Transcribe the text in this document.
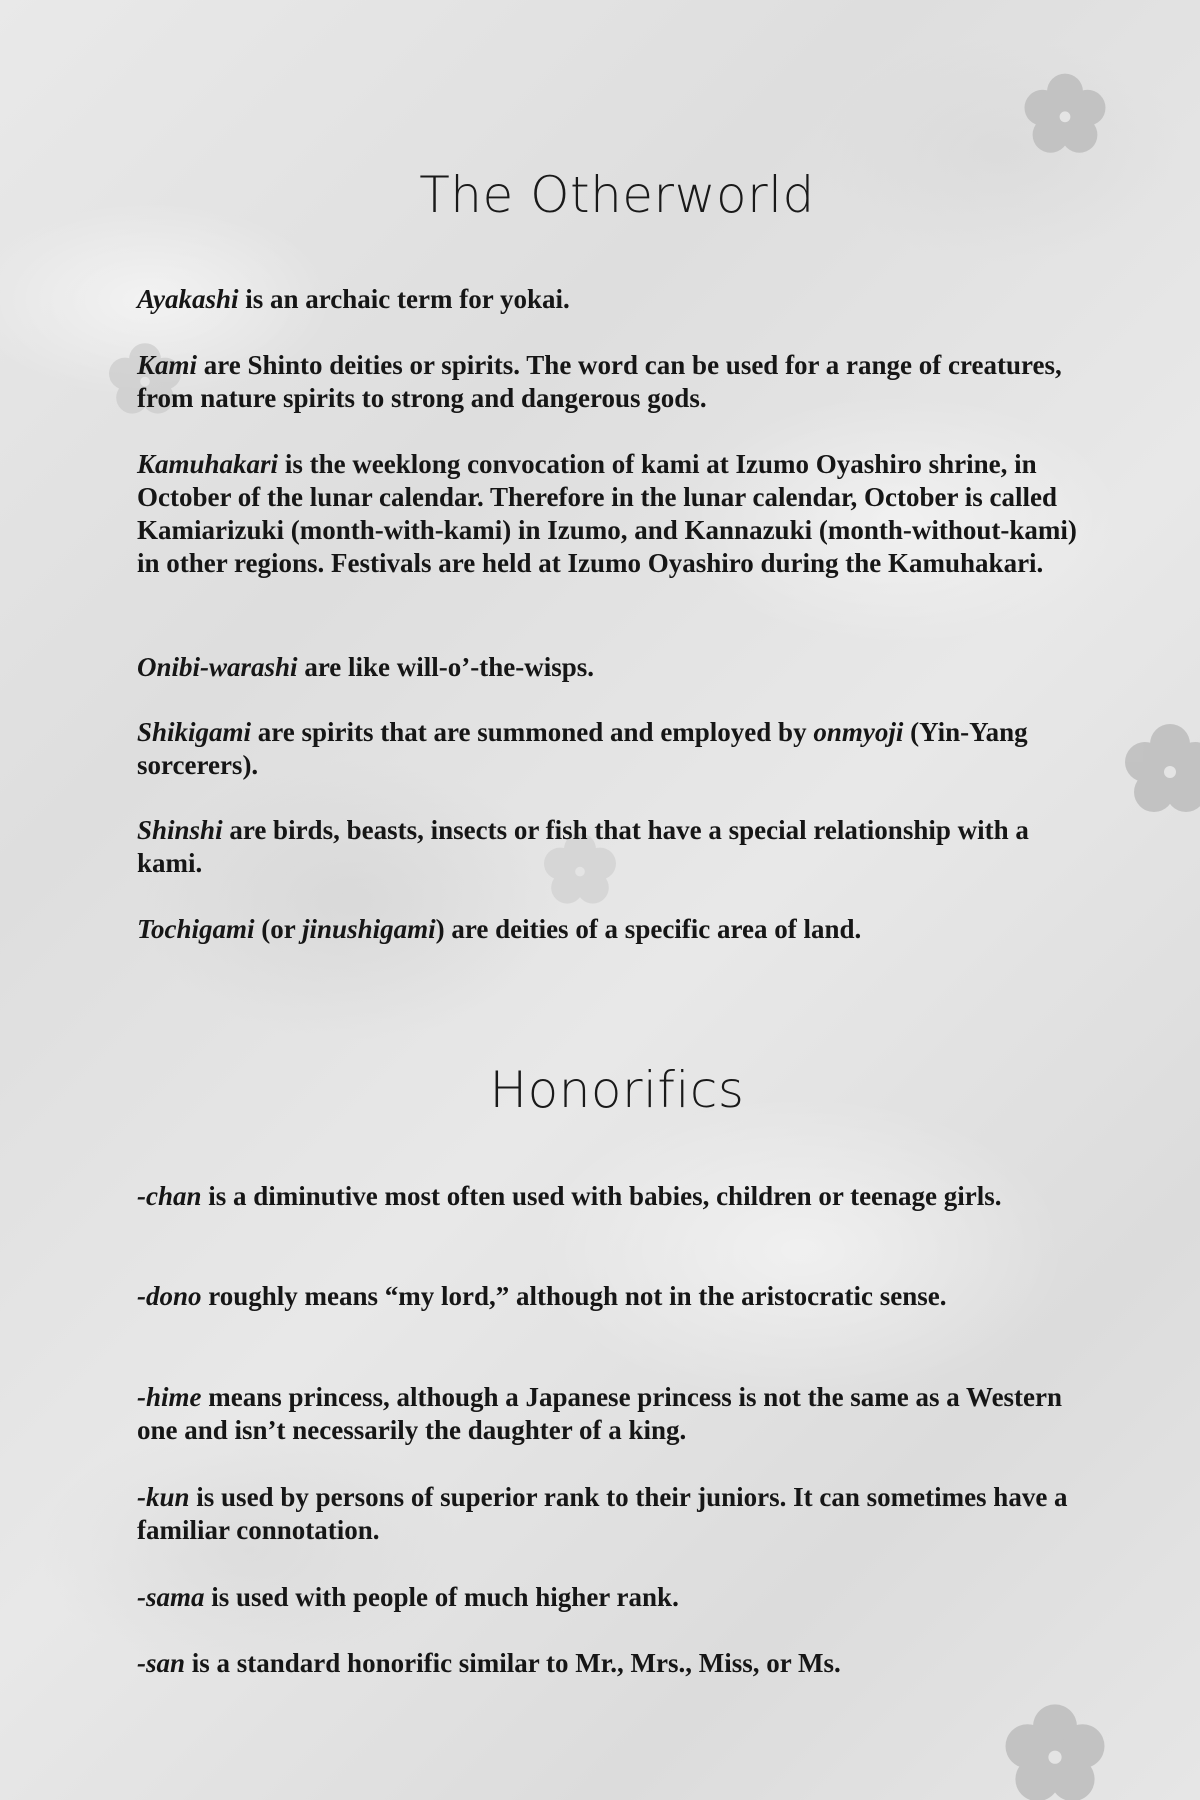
The Otherworld

Ayakashi is an archaic term for yokai.

Kami are Shinto deities or spirits. The word can be used for a range of creatures, from nature spirits to strong and dangerous gods.

Kamuhakari is the weeklong convocation of kami at Izumo Oyashiro shrine, in October of the lunar calendar. Therefore in the lunar calendar, October is called Kamiarizuki (month-with-kami) in Izumo, and Kannazuki (month-without-kami) in other regions. Festivals are held at Izumo Oyashiro during the Kamuhakari.

Onibi-warashi are like will-o’-the-wisps.

Shikigami are spirits that are summoned and employed by onmyoji (Yin-Yang sorcerers).

Shinshi are birds, beasts, insects or fish that have a special relationship with a kami.

Tochigami (or jinushigami) are deities of a specific area of land.

Honorifics

-chan is a diminutive most often used with babies, children or teenage girls.

-dono roughly means “my lord,” although not in the aristocratic sense.

-hime means princess, although a Japanese princess is not the same as a Western one and isn’t necessarily the daughter of a king.

-kun is used by persons of superior rank to their juniors. It can sometimes have a familiar connotation.

-sama is used with people of much higher rank.

-san is a standard honorific similar to Mr., Mrs., Miss, or Ms.
